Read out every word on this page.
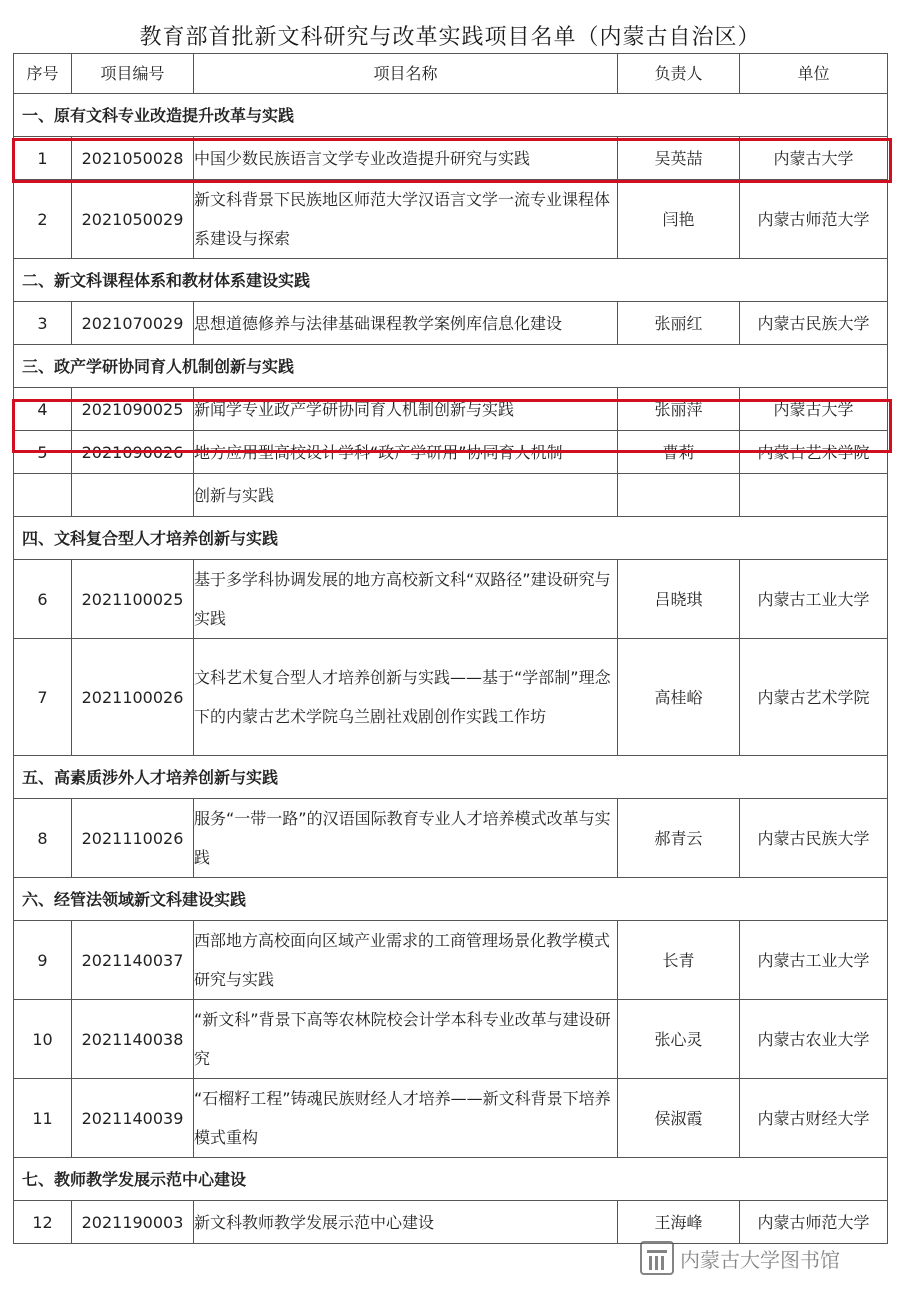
教育部首批新文科研究与改革实践项目名单（内蒙古自治区）
序号	项目编号	项目名称	负责人	单位
一、原有文科专业改造提升改革与实践				
1	2021050028	中国少数民族语言文学专业改造提升研究与实践	吴英喆	内蒙古大学
2	2021050029	新文科背景下民族地区师范大学汉语言文学一流专业课程体系建设与探索	闫艳	内蒙古师范大学
二、新文科课程体系和教材体系建设实践				
3	2021070029	思想道德修养与法律基础课程教学案例库信息化建设	张丽红	内蒙古民族大学
三、政产学研协同育人机制创新与实践				
4	2021090025	新闻学专业政产学研协同育人机制创新与实践	张丽萍	内蒙古大学
5	2021090026	地方应用型高校设计学科“政产学研用”协同育人机制	曹莉	内蒙古艺术学院
		创新与实践		
四、文科复合型人才培养创新与实践				
6	2021100025	基于多学科协调发展的地方高校新文科“双路径”建设研究与实践	吕晓琪	内蒙古工业大学
7	2021100026	文科艺术复合型人才培养创新与实践——基于“学部制”理念下的内蒙古艺术学院乌兰剧社戏剧创作实践工作坊	高桂峪	内蒙古艺术学院
五、高素质涉外人才培养创新与实践				
8	2021110026	服务“一带一路”的汉语国际教育专业人才培养模式改革与实践	郝青云	内蒙古民族大学
六、经管法领域新文科建设实践				
9	2021140037	西部地方高校面向区域产业需求的工商管理场景化教学模式研究与实践	长青	内蒙古工业大学
10	2021140038	“新文科”背景下高等农林院校会计学本科专业改革与建设研究	张心灵	内蒙古农业大学
11	2021140039	“石榴籽工程”铸魂民族财经人才培养——新文科背景下培养模式重构	侯淑霞	内蒙古财经大学
七、教师教学发展示范中心建设				
12	2021190003	新文科教师教学发展示范中心建设	王海峰	内蒙古师范大学
内蒙古大学图书馆
